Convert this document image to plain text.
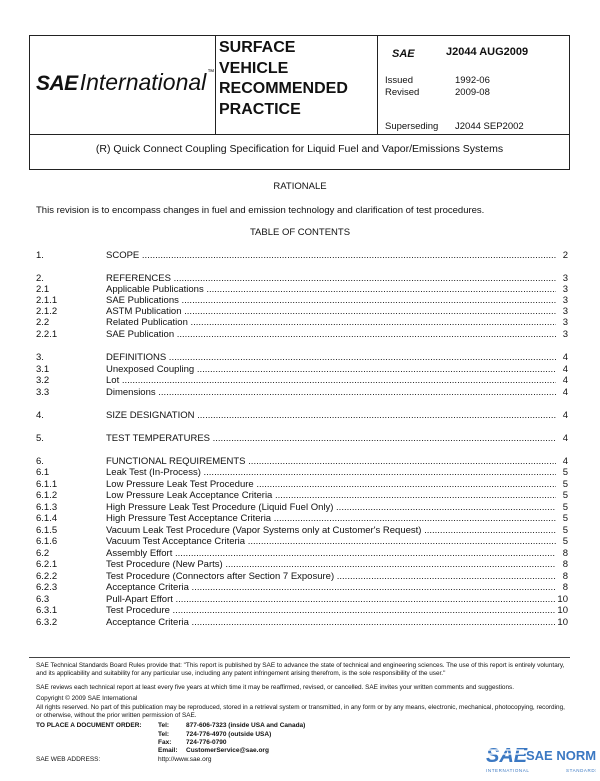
SAEInternational™
SURFACE
VEHICLE
RECOMMENDED
PRACTICE
SAE	J2044 AUG2009
Issued	1992-06
Revised	2009-08
Superseding J2044 SEP2002
(R) Quick Connect Coupling Specification for Liquid Fuel and Vapor/Emissions Systems
RATIONALE
This revision is to encompass changes in fuel and emission technology and clarification of test procedures.
TABLE OF CONTENTS
1.	SCOPE .....	2
2.	REFERENCES .....	3
2.1	Applicable Publications .....	3
2.1.1	SAE Publications .....	3
2.1.2	ASTM Publication .....	3
2.2	Related Publication .....	3
2.2.1	SAE Publication .....	3
3.	DEFINITIONS .....	4
3.1	Unexposed Coupling .....	4
3.2	Lot .....	4
3.3	Dimensions .....	4
4.	SIZE DESIGNATION .....	4
5.	TEST TEMPERATURES .....	4
6.	FUNCTIONAL REQUIREMENTS .....	4
6.1	Leak Test (In-Process) .....	5
6.1.1	Low Pressure Leak Test Procedure .....	5
6.1.2	Low Pressure Leak Acceptance Criteria .....	5
6.1.3	High Pressure Leak Test Procedure (Liquid Fuel Only) .....	5
6.1.4	High Pressure Test Acceptance Criteria .....	5
6.1.5	Vacuum Leak Test Procedure (Vapor Systems only at Customer's Request) .....	5
6.1.6	Vacuum Test Acceptance Criteria .....	5
6.2	Assembly Effort .....	8
6.2.1	Test Procedure (New Parts) .....	8
6.2.2	Test Procedure (Connectors after Section 7 Exposure) .....	8
6.2.3	Acceptance Criteria .....	8
6.3	Pull-Apart Effort .....	10
6.3.1	Test Procedure .....	10
6.3.2	Acceptance Criteria .....	10
SAE Technical Standards Board Rules provide that: "This report is published by SAE to advance the state of technical and engineering sciences. The use of this report is entirely voluntary, and its applicability and suitability for any particular use, including any patent infringement arising therefrom, is the sole responsibility of the user."
SAE reviews each technical report at least every five years at which time it may be reaffirmed, revised, or cancelled. SAE invites your written comments and suggestions.
Copyright © 2009 SAE International
All rights reserved. No part of this publication may be reproduced, stored in a retrieval system or transmitted, in any form or by any means, electronic, mechanical, photocopying, recording, or otherwise, without the prior written permission of SAE.
TO PLACE A DOCUMENT ORDER:	Tel:	877-606-7323 (inside USA and Canada)
Tel:	724-776-4970 (outside USA)
Fax: 724-776-0790
Email: CustomerService@sae.org
SAE WEB ADDRESS:	http://www.sae.org	SAE
SAE NORM
INTERNATIONAL	STANDARDS
